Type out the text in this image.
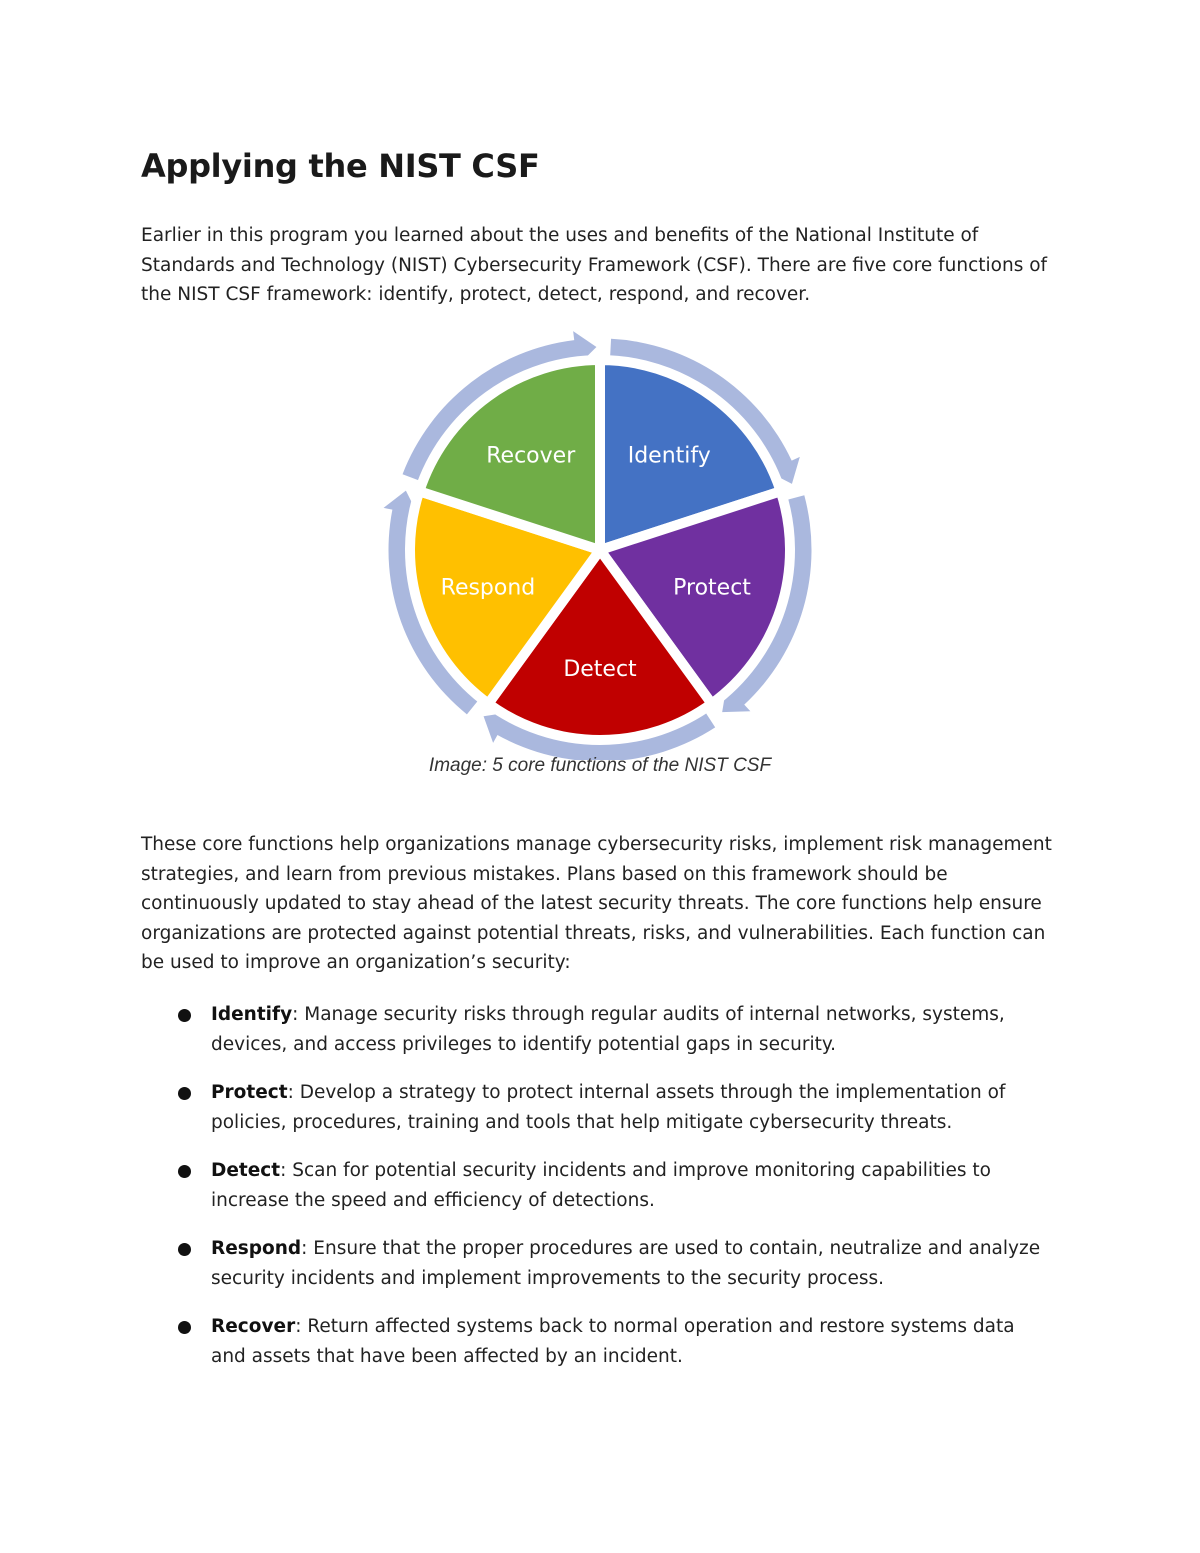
Applying the NIST CSF

Earlier in this program you learned about the uses and benefits of the National Institute of Standards and Technology (NIST) Cybersecurity Framework (CSF). There are five core functions of the NIST CSF framework: identify, protect, detect, respond, and recover.

Identify
Protect
Detect
Respond
Recover
Image: 5 core functions of the NIST CSF

These core functions help organizations manage cybersecurity risks, implement risk management strategies, and learn from previous mistakes. Plans based on this framework should be continuously updated to stay ahead of the latest security threats. The core functions help ensure organizations are protected against potential threats, risks, and vulnerabilities. Each function can be used to improve an organization’s security:

Identify: Manage security risks through regular audits of internal networks, systems, devices, and access privileges to identify potential gaps in security.
Protect: Develop a strategy to protect internal assets through the implementation of policies, procedures, training and tools that help mitigate cybersecurity threats.
Detect: Scan for potential security incidents and improve monitoring capabilities to increase the speed and efficiency of detections.
Respond: Ensure that the proper procedures are used to contain, neutralize and analyze security incidents and implement improvements to the security process.
Recover: Return affected systems back to normal operation and restore systems data and assets that have been affected by an incident.
